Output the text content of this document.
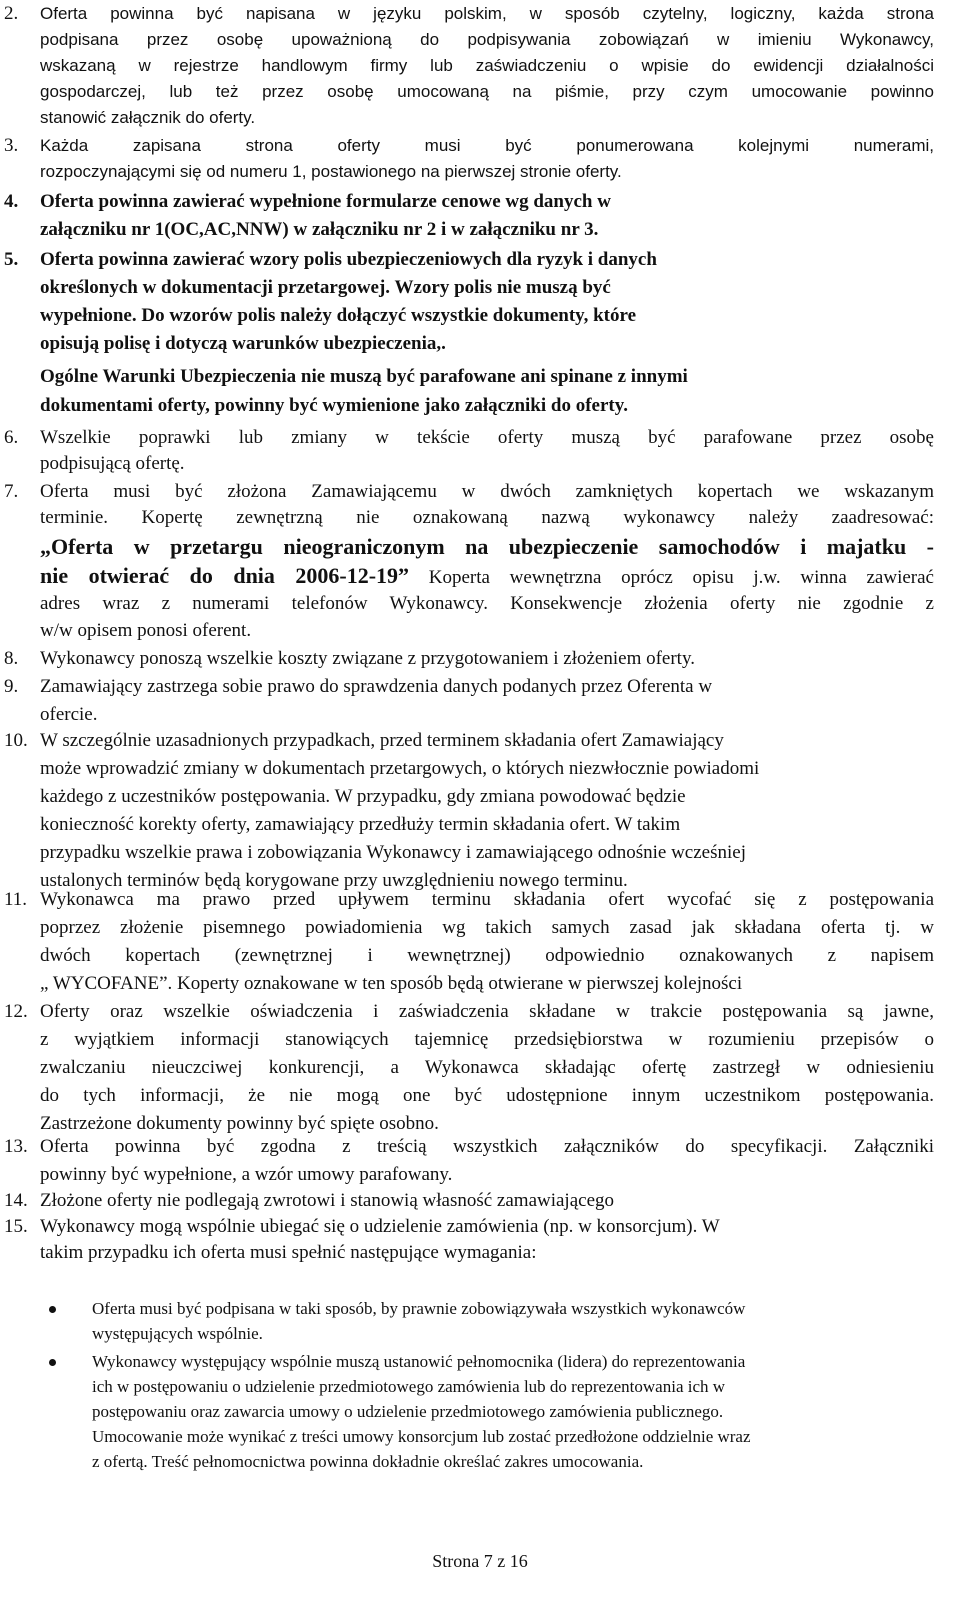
2. Oferta powinna być napisana w języku polskim, w sposób czytelny, logiczny, każda strona
podpisana przez osobę upoważnioną do podpisywania zobowiązań w imieniu Wykonawcy,
wskazaną w rejestrze handlowym firmy lub zaświadczeniu o wpisie do ewidencji działalności
gospodarczej, lub też przez osobę umocowaną na piśmie, przy czym umocowanie powinno
stanowić załącznik do oferty.
3. Każda zapisana strona oferty musi być ponumerowana kolejnymi numerami,
rozpoczynającymi się od numeru 1, postawionego na pierwszej stronie oferty.
4. Oferta powinna zawierać wypełnione formularze cenowe wg danych w
załączniku nr 1(OC,AC,NNW) w załączniku nr 2 i w załączniku nr 3.
5. Oferta powinna zawierać wzory polis ubezpieczeniowych dla ryzyk i danych
określonych w dokumentacji przetargowej. Wzory polis nie muszą być
wypełnione. Do wzorów polis należy dołączyć wszystkie dokumenty, które
opisują polisę i dotyczą warunków ubezpieczenia,.
Ogólne Warunki Ubezpieczenia nie muszą być parafowane ani spinane z innymi
dokumentami oferty, powinny być wymienione jako załączniki do oferty.
6. Wszelkie poprawki lub zmiany w tekście oferty muszą być parafowane przez osobę
podpisującą ofertę.
7. Oferta musi być złożona Zamawiającemu w dwóch zamkniętych kopertach we wskazanym
terminie. Kopertę zewnętrzną nie oznakowaną nazwą wykonawcy należy zaadresować:
„Oferta w przetargu nieograniczonym na ubezpieczenie samochodów i majatku -
nie otwierać do dnia 2006-12-19” Koperta wewnętrzna oprócz opisu j.w. winna zawierać
adres wraz z numerami telefonów Wykonawcy. Konsekwencje złożenia oferty nie zgodnie z
w/w opisem ponosi oferent.
8. Wykonawcy ponoszą wszelkie koszty związane z przygotowaniem i złożeniem oferty.
9. Zamawiający zastrzega sobie prawo do sprawdzenia danych podanych przez Oferenta w
ofercie.
10. W szczególnie uzasadnionych przypadkach, przed terminem składania ofert Zamawiający
może wprowadzić zmiany w dokumentach przetargowych, o których niezwłocznie powiadomi
każdego z uczestników postępowania. W przypadku, gdy zmiana powodować będzie
konieczność korekty oferty, zamawiający przedłuży termin składania ofert. W takim
przypadku wszelkie prawa i zobowiązania Wykonawcy i zamawiającego odnośnie wcześniej
ustalonych terminów będą korygowane przy uwzględnieniu nowego terminu.
11. Wykonawca ma prawo przed upływem terminu składania ofert wycofać się z postępowania
poprzez złożenie pisemnego powiadomienia wg takich samych zasad jak składana oferta tj. w
dwóch kopertach (zewnętrznej i wewnętrznej) odpowiednio oznakowanych z napisem
„ WYCOFANE”. Koperty oznakowane w ten sposób będą otwierane w pierwszej kolejności
12. Oferty oraz wszelkie oświadczenia i zaświadczenia składane w trakcie postępowania są jawne,
z wyjątkiem informacji stanowiących tajemnicę przedsiębiorstwa w rozumieniu przepisów o
zwalczaniu nieuczciwej konkurencji, a Wykonawca składając ofertę zastrzegł w odniesieniu
do tych informacji, że nie mogą one być udostępnione innym uczestnikom postępowania.
Zastrzeżone dokumenty powinny być spięte osobno.
13. Oferta powinna być zgodna z treścią wszystkich załączników do specyfikacji. Załączniki
powinny być wypełnione, a wzór umowy parafowany.
14. Złożone oferty nie podlegają zwrotowi i stanowią własność zamawiającego
15. Wykonawcy mogą wspólnie ubiegać się o udzielenie zamówienia (np. w konsorcjum). W
takim przypadku ich oferta musi spełnić następujące wymagania:
Oferta musi być podpisana w taki sposób, by prawnie zobowiązywała wszystkich wykonawców
występujących wspólnie.
Wykonawcy występujący wspólnie muszą ustanowić pełnomocnika (lidera) do reprezentowania
ich w postępowaniu o udzielenie przedmiotowego zamówienia lub do reprezentowania ich w
postępowaniu oraz zawarcia umowy o udzielenie przedmiotowego zamówienia publicznego.
Umocowanie może wynikać z treści umowy konsorcjum lub zostać przedłożone oddzielnie wraz
z ofertą. Treść pełnomocnictwa powinna dokładnie określać zakres umocowania.
Strona 7 z 16
